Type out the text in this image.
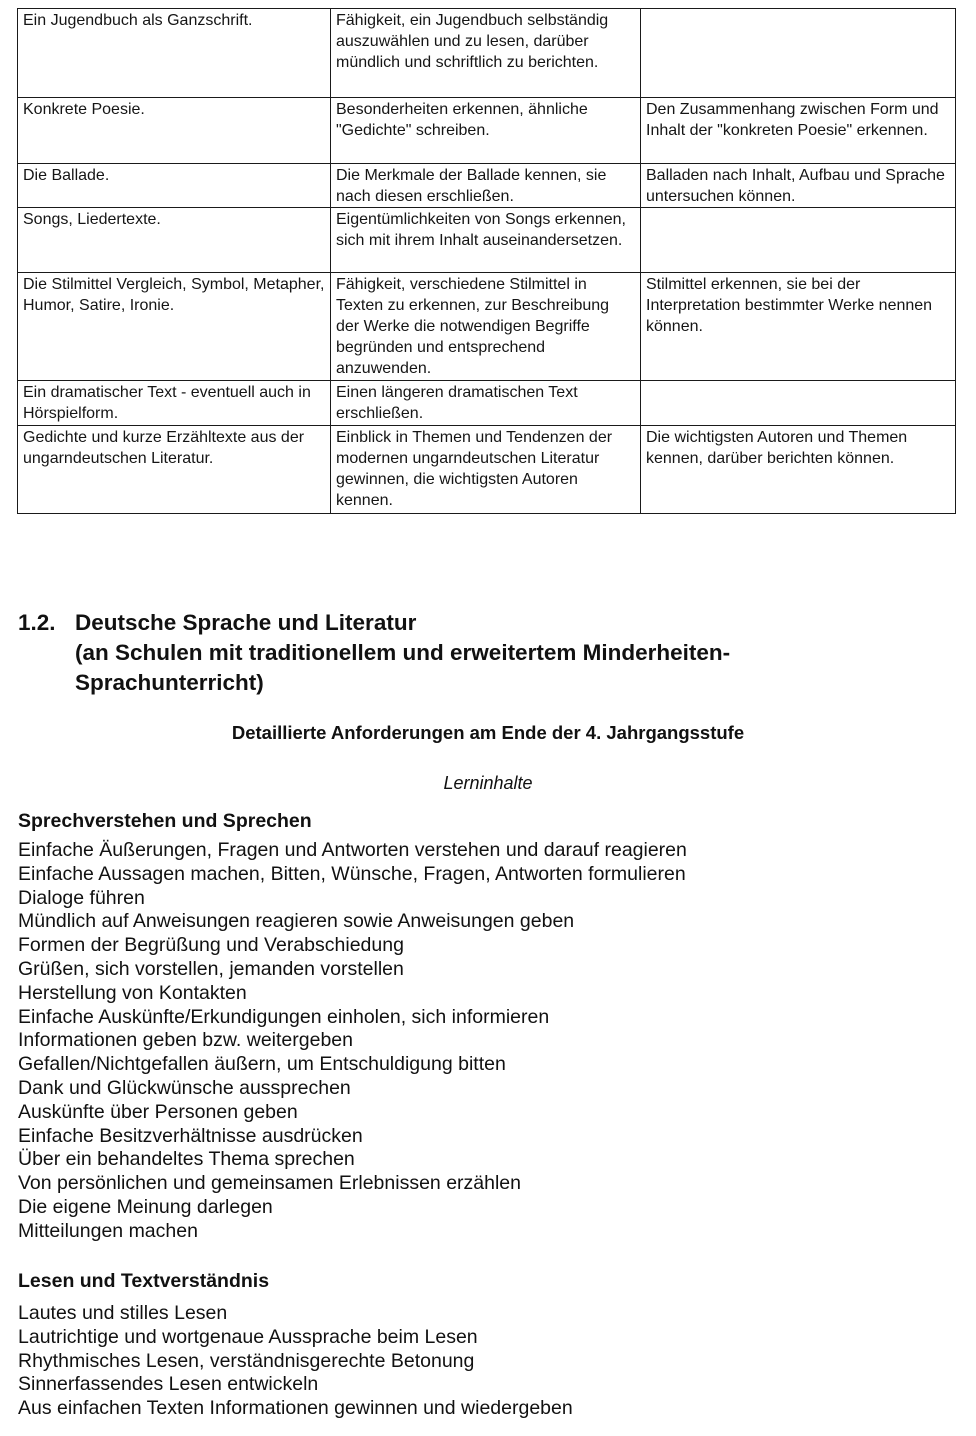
Ein Jugendbuch als Ganzschrift.	Fähigkeit, ein Jugendbuch selbständig auszuwählen und zu lesen, darüber mündlich und schriftlich zu berichten.	
Konkrete Poesie.	Besonderheiten erkennen, ähnliche "Gedichte" schreiben.	Den Zusammenhang zwischen Form und Inhalt der "konkreten Poesie" erkennen.
Die Ballade.	Die Merkmale der Ballade kennen, sie nach diesen erschließen.	Balladen nach Inhalt, Aufbau und Sprache untersuchen können.
Songs, Liedertexte.	Eigentümlichkeiten von Songs erkennen, sich mit ihrem Inhalt auseinandersetzen.	
Die Stilmittel Vergleich, Symbol, Metapher, Humor, Satire, Ironie.	Fähigkeit, verschiedene Stilmittel in Texten zu erkennen, zur Beschreibung der Werke die notwendigen Begriffe begründen und entsprechend anzuwenden.	Stilmittel erkennen, sie bei der Interpretation bestimmter Werke nennen können.
Ein dramatischer Text - eventuell auch in Hörspielform.	Einen längeren dramatischen Text erschließen.	
Gedichte und kurze Erzähltexte aus der ungarndeutschen Literatur.	Einblick in Themen und Tendenzen der modernen ungarndeutschen Literatur gewinnen, die wichtigsten Autoren kennen.	Die wichtigsten Autoren und Themen kennen, darüber berichten können.
1.2. Deutsche Sprache und Literatur
(an Schulen mit traditionellem und erweitertem Minderheiten-
Sprachunterricht)
Detaillierte Anforderungen am Ende der 4. Jahrgangsstufe
Lerninhalte
Sprechverstehen und Sprechen
Einfache Äußerungen, Fragen und Antworten verstehen und darauf reagieren
Einfache Aussagen machen, Bitten, Wünsche, Fragen, Antworten formulieren
Dialoge führen
Mündlich auf Anweisungen reagieren sowie Anweisungen geben
Formen der Begrüßung und Verabschiedung
Grüßen, sich vorstellen, jemanden vorstellen
Herstellung von Kontakten
Einfache Auskünfte/Erkundigungen einholen, sich informieren
Informationen geben bzw. weitergeben
Gefallen/Nichtgefallen äußern, um Entschuldigung bitten
Dank und Glückwünsche aussprechen
Auskünfte über Personen geben
Einfache Besitzverhältnisse ausdrücken
Über ein behandeltes Thema sprechen
Von persönlichen und gemeinsamen Erlebnissen erzählen
Die eigene Meinung darlegen
Mitteilungen machen
Lesen und Textverständnis
Lautes und stilles Lesen
Lautrichtige und wortgenaue Aussprache beim Lesen
Rhythmisches Lesen, verständnisgerechte Betonung
Sinnerfassendes Lesen entwickeln
Aus einfachen Texten Informationen gewinnen und wiedergeben
